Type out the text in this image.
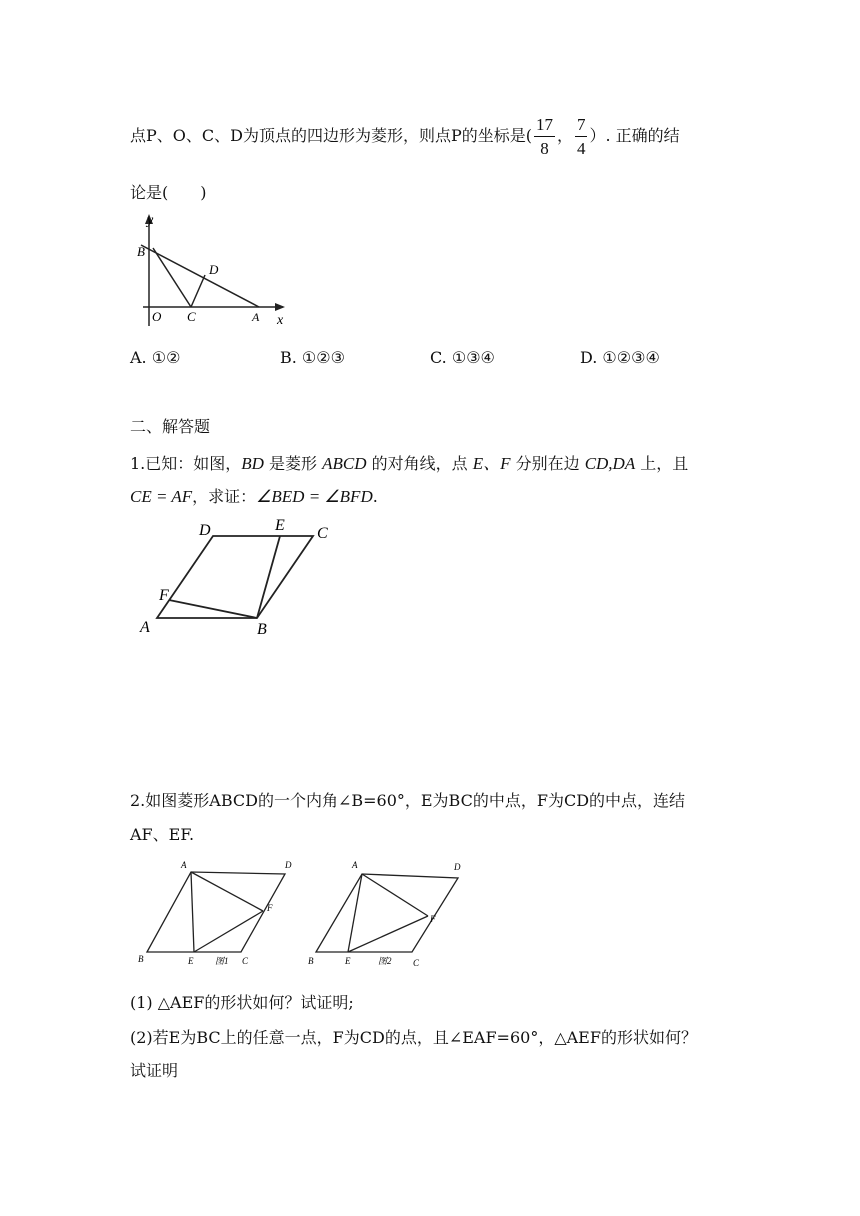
点P、O、C、D为顶点的四边形为菱形，则点P的坐标是( $\frac{17}{8}$ ， $\frac{7}{4}$ ）. 正确的结
论是(　　)
y
B
D
O C	A x
A. ①②	B. ①②③	C. ①③④	D. ①②③④
二、解答题
1.已知：如图，BD 是菱形 ABCD 的对角线，点 E、F 分别在边 CD,DA 上，且
CE = AF，求证：∠BED = ∠BFD.
D	E C
F
A	B
2.如图菱形ABCD的一个内角∠B=60°，E为BC的中点，F为CD的中点，连结
AF、EF.
A	D
F
B	E 图1 C
A	D
F
B	E	图2 C
(1) △AEF的形状如何？试证明;
(2)若E为BC上的任意一点，F为CD的点，且∠EAF=60°，△AEF的形状如何？
试证明
